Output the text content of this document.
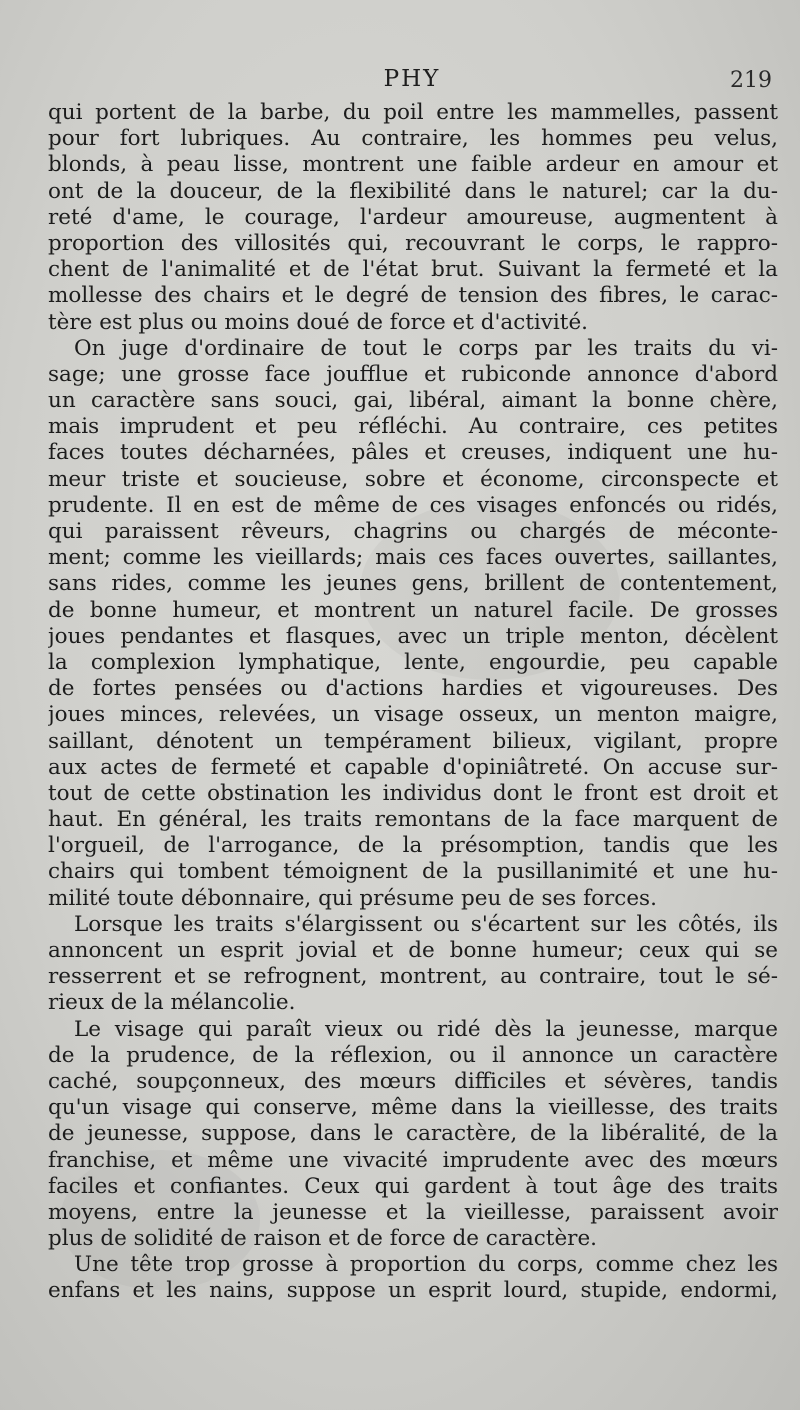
PHY	219
qui portent de la barbe, du poil entre les mammelles, passent
pour fort lubriques. Au contraire, les hommes peu velus,
blonds, à peau lisse, montrent une faible ardeur en amour et
ont de la douceur, de la flexibilité dans le naturel; car la du-
reté d'ame, le courage, l'ardeur amoureuse, augmentent à
proportion des villosités qui, recouvrant le corps, le rappro-
chent de l'animalité et de l'état brut. Suivant la fermeté et la
mollesse des chairs et le degré de tension des fibres, le carac-
tère est plus ou moins doué de force et d'activité.
On juge d'ordinaire de tout le corps par les traits du vi-
sage; une grosse face joufflue et rubiconde annonce d'abord
un caractère sans souci, gai, libéral, aimant la bonne chère,
mais imprudent et peu réfléchi. Au contraire, ces petites
faces toutes décharnées, pâles et creuses, indiquent une hu-
meur triste et soucieuse, sobre et économe, circonspecte et
prudente. Il en est de même de ces visages enfoncés ou ridés,
qui paraissent rêveurs, chagrins ou chargés de méconte-
ment; comme les vieillards; mais ces faces ouvertes, saillantes,
sans rides, comme les jeunes gens, brillent de contentement,
de bonne humeur, et montrent un naturel facile. De grosses
joues pendantes et flasques, avec un triple menton, décèlent
la complexion lymphatique, lente, engourdie, peu capable
de fortes pensées ou d'actions hardies et vigoureuses. Des
joues minces, relevées, un visage osseux, un menton maigre,
saillant, dénotent un tempérament bilieux, vigilant, propre
aux actes de fermeté et capable d'opiniâtreté. On accuse sur-
tout de cette obstination les individus dont le front est droit et
haut. En général, les traits remontans de la face marquent de
l'orgueil, de l'arrogance, de la présomption, tandis que les
chairs qui tombent témoignent de la pusillanimité et une hu-
milité toute débonnaire, qui présume peu de ses forces.
Lorsque les traits s'élargissent ou s'écartent sur les côtés, ils
annoncent un esprit jovial et de bonne humeur; ceux qui se
resserrent et se refrognent, montrent, au contraire, tout le sé-
rieux de la mélancolie.
Le visage qui paraît vieux ou ridé dès la jeunesse, marque
de la prudence, de la réflexion, ou il annonce un caractère
caché, soupçonneux, des mœurs difficiles et sévères, tandis
qu'un visage qui conserve, même dans la vieillesse, des traits
de jeunesse, suppose, dans le caractère, de la libéralité, de la
franchise, et même une vivacité imprudente avec des mœurs
faciles et confiantes. Ceux qui gardent à tout âge des traits
moyens, entre la jeunesse et la vieillesse, paraissent avoir
plus de solidité de raison et de force de caractère.
Une tête trop grosse à proportion du corps, comme chez les
enfans et les nains, suppose un esprit lourd, stupide, endormi,
